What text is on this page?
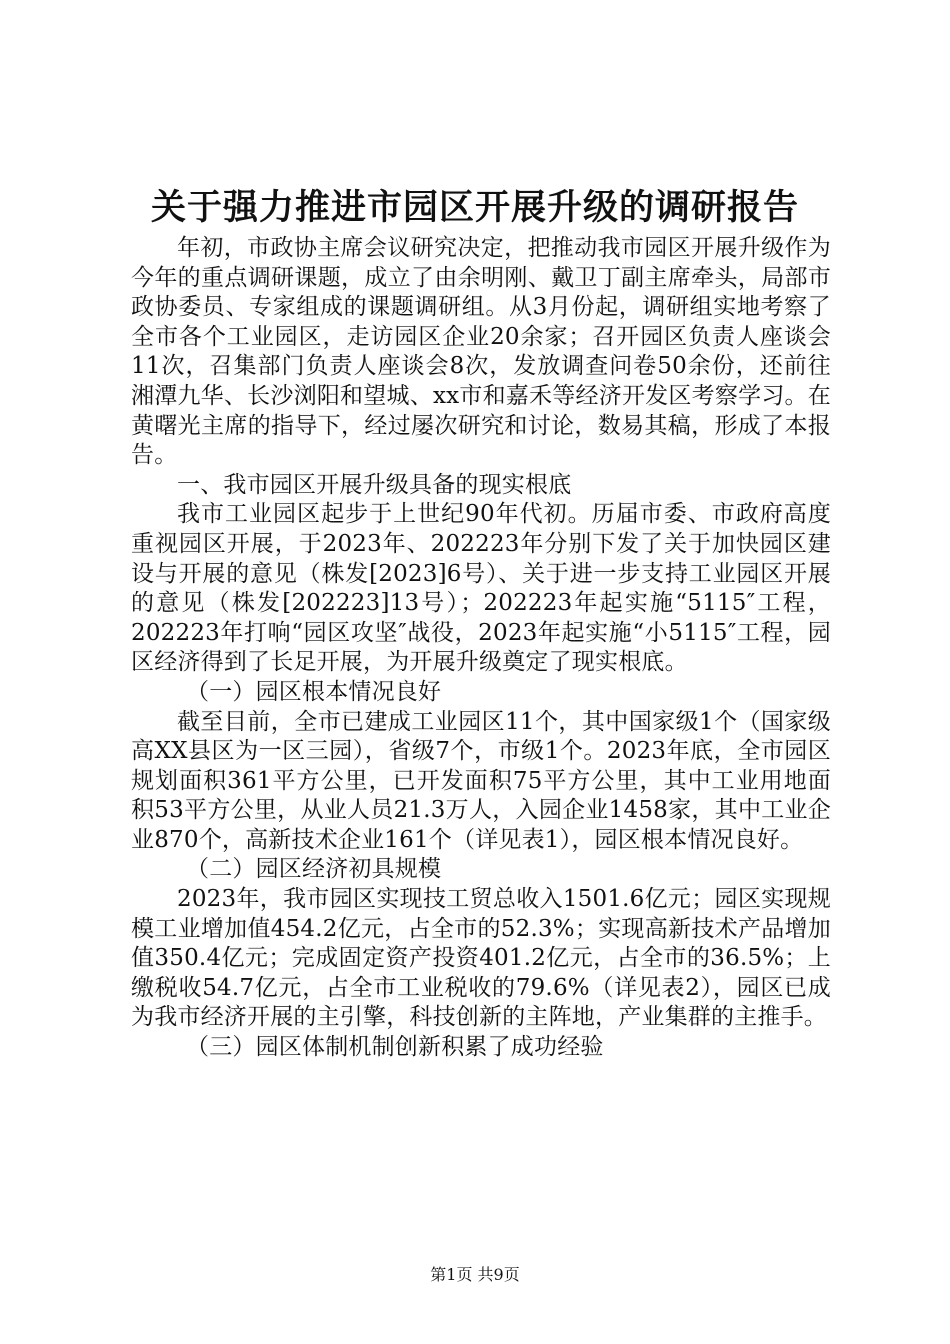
关于强力推进市园区开展升级的调研报告

年初，市政协主席会议研究决定，把推动我市园区开展升级作为今年的重点调研课题，成立了由余明刚、戴卫丁副主席牵头，局部市政协委员、专家组成的课题调研组。从3月份起，调研组实地考察了全市各个工业园区，走访园区企业20余家；召开园区负责人座谈会11次，召集部门负责人座谈会8次，发放调查问卷50余份，还前往湘潭九华、长沙浏阳和望城、xx市和嘉禾等经济开发区考察学习。在黄曙光主席的指导下，经过屡次研究和讨论，数易其稿，形成了本报告。

一、我市园区开展升级具备的现实根底

我市工业园区起步于上世纪90年代初。历届市委、市政府高度重视园区开展，于2023年、202223年分别下发了关于加快园区建设与开展的意见（株发[2023]6号）、关于进一步支持工业园区开展的意见（株发[202223]13号）；202223年起实施“5115″工程，202223年打响“园区攻坚″战役，2023年起实施“小5115″工程，园区经济得到了长足开展，为开展升级奠定了现实根底。

（一）园区根本情况良好

截至目前，全市已建成工业园区11个，其中国家级1个（国家级高XX县区为一区三园），省级7个，市级1个。2023年底，全市园区规划面积361平方公里，已开发面积75平方公里，其中工业用地面积53平方公里，从业人员21.3万人，入园企业1458家，其中工业企业870个，高新技术企业161个（详见表1），园区根本情况良好。

（二）园区经济初具规模

2023年，我市园区实现技工贸总收入1501.6亿元；园区实现规模工业增加值454.2亿元，占全市的52.3%；实现高新技术产品增加值350.4亿元；完成固定资产投资401.2亿元，占全市的36.5%；上缴税收54.7亿元，占全市工业税收的79.6%（详见表2），园区已成为我市经济开展的主引擎，科技创新的主阵地，产业集群的主推手。

（三）园区体制机制创新积累了成功经验

第1页 共9页
